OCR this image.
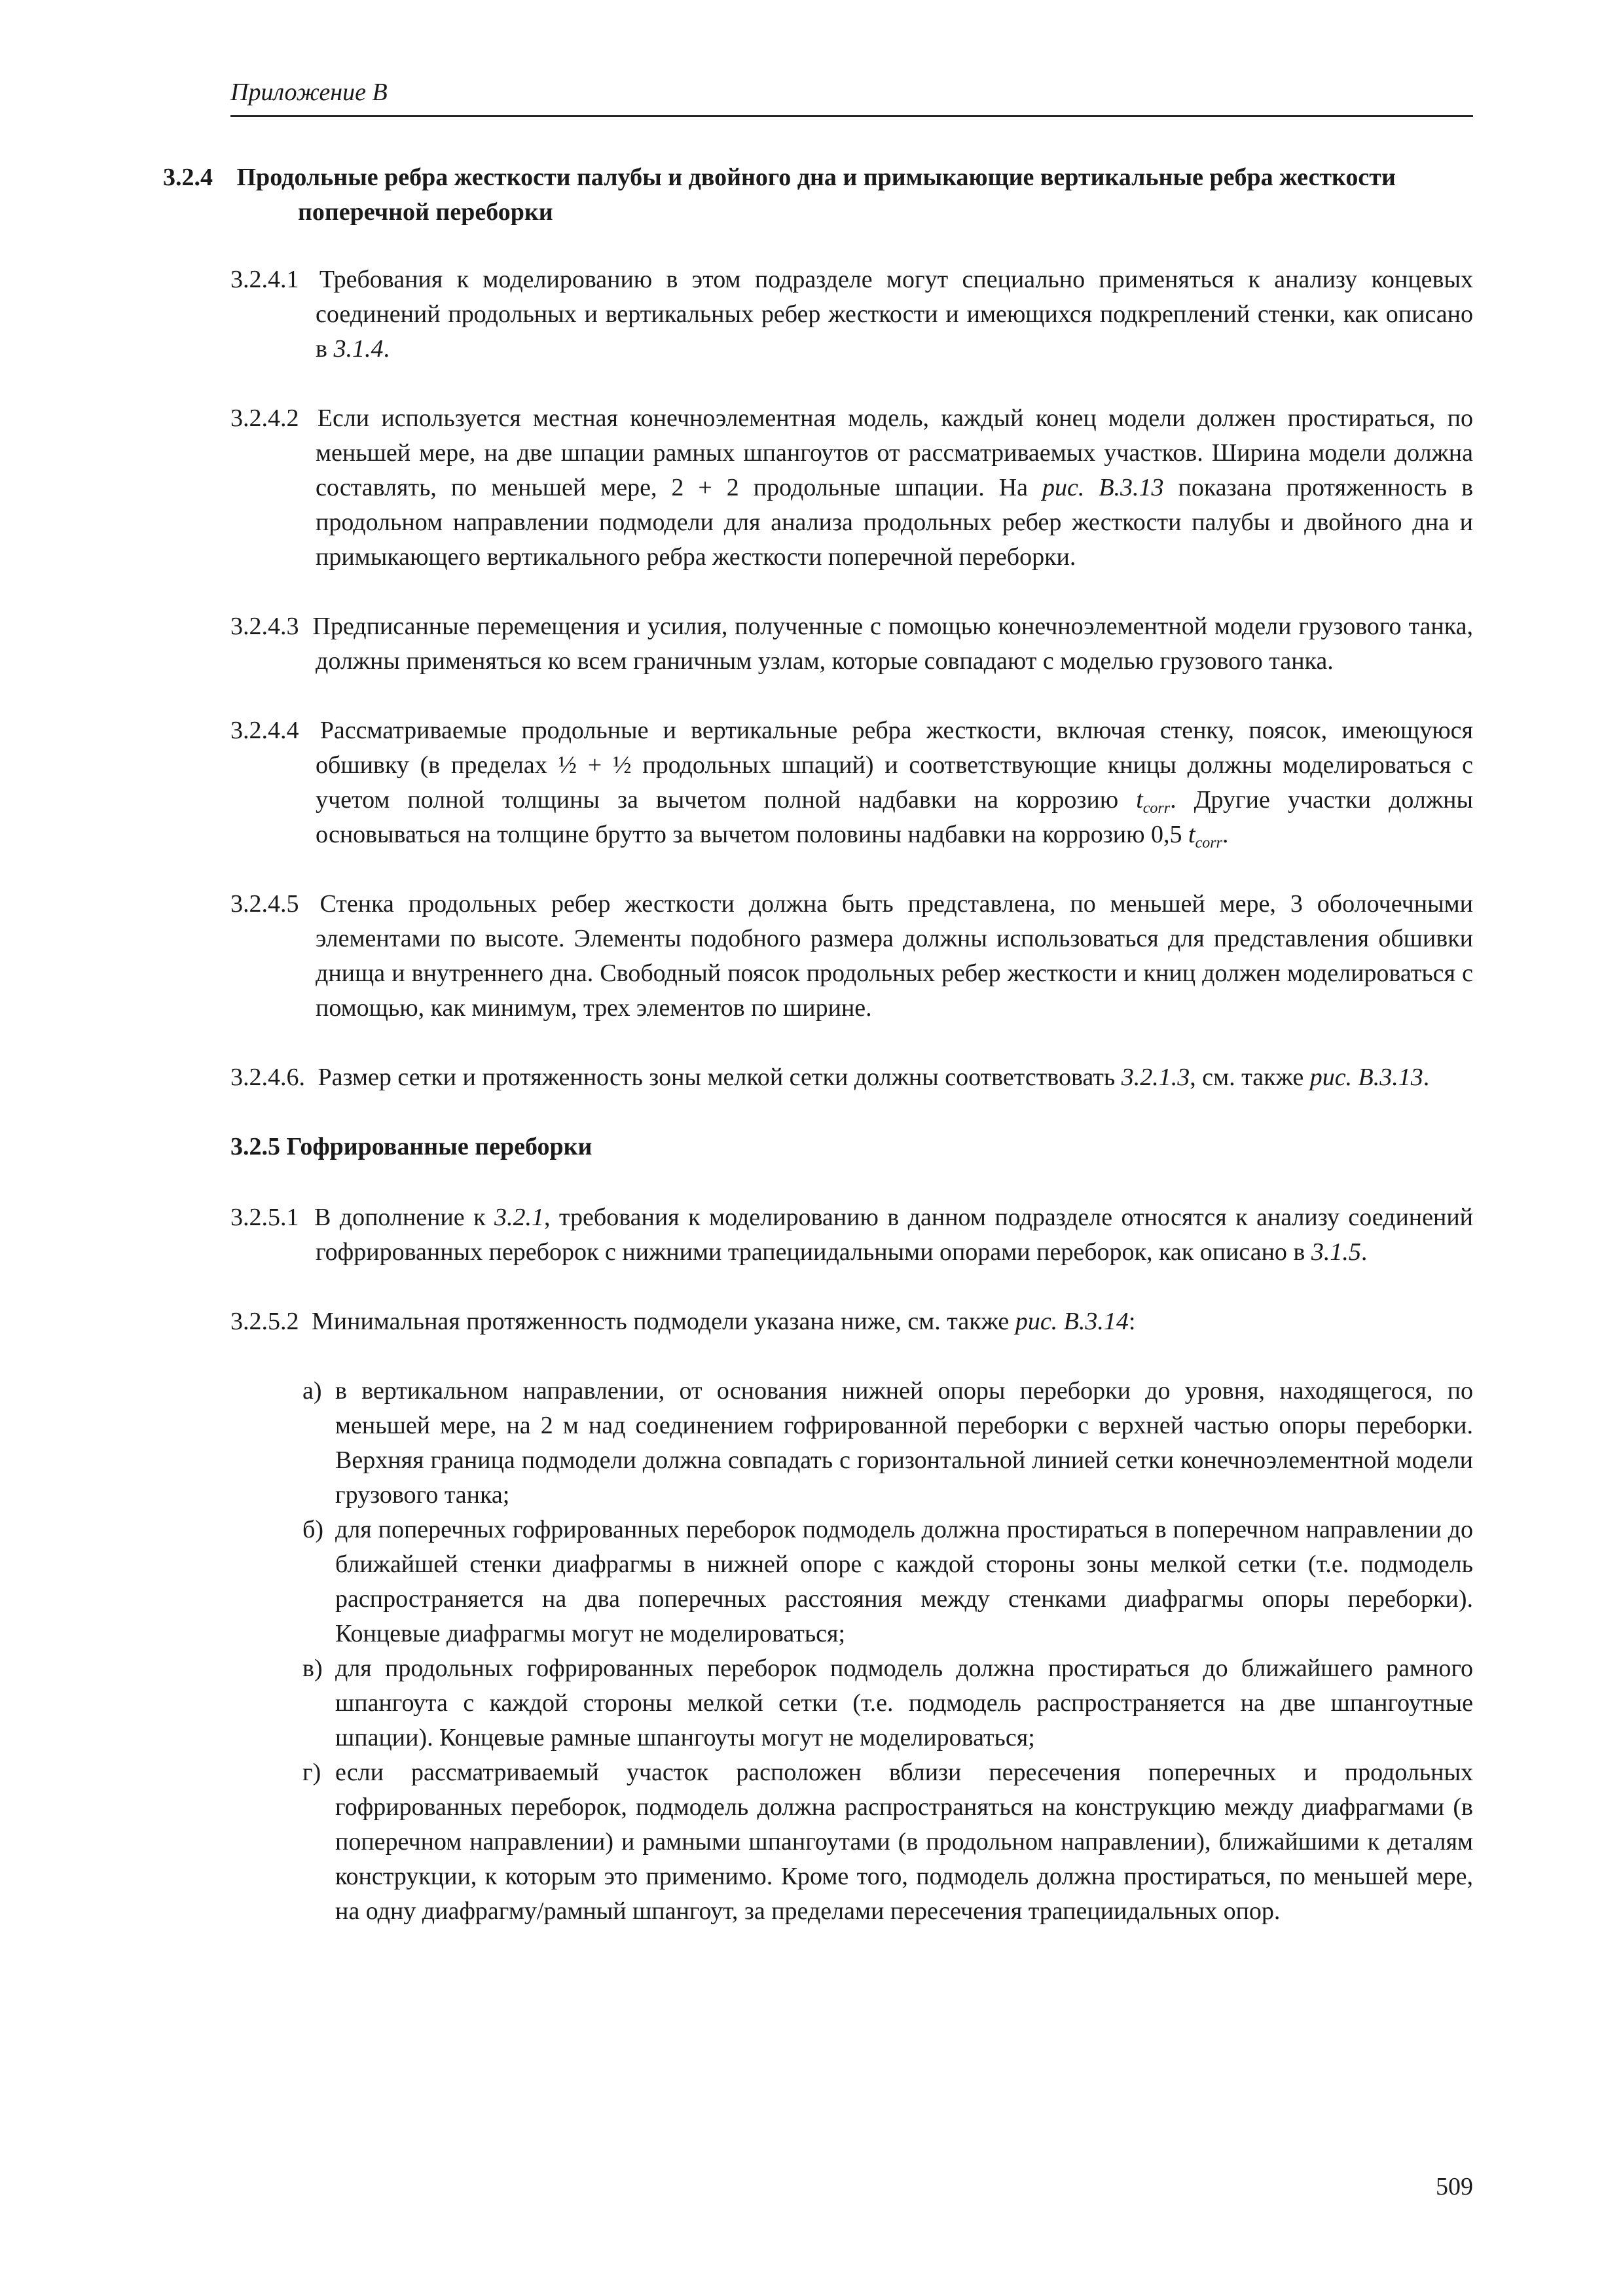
Приложение В
3.2.4 Продольные ребра жесткости палубы и двойного дна и примыкающие вертикальные ребра жесткости поперечной переборки
3.2.4.1 Требования к моделированию в этом подразделе могут специально применяться к анализу концевых соединений продольных и вертикальных ребер жесткости и имеющихся подкреплений стенки, как описано в 3.1.4.
3.2.4.2 Если используется местная конечноэлементная модель, каждый конец модели должен простираться, по меньшей мере, на две шпации рамных шпангоутов от рассматриваемых участков. Ширина модели должна составлять, по меньшей мере, 2 + 2 продольные шпации. На рис. В.3.13 показана протяженность в продольном направлении подмодели для анализа продольных ребер жесткости палубы и двойного дна и примыкающего вертикального ребра жесткости поперечной переборки.
3.2.4.3 Предписанные перемещения и усилия, полученные с помощью конечноэлементной модели грузового танка, должны применяться ко всем граничным узлам, которые совпадают с моделью грузового танка.
3.2.4.4 Рассматриваемые продольные и вертикальные ребра жесткости, включая стенку, поясок, имеющуюся обшивку (в пределах ½ + ½ продольных шпаций) и соответствующие кницы должны моделироваться с учетом полной толщины за вычетом полной надбавки на коррозию $t_{corr}$. Другие участки должны основываться на толщине брутто за вычетом половины надбавки на коррозию 0,5 $t_{corr}$.
3.2.4.5 Стенка продольных ребер жесткости должна быть представлена, по меньшей мере, 3 оболочечными элементами по высоте. Элементы подобного размера должны использоваться для представления обшивки днища и внутреннего дна. Свободный поясок продольных ребер жесткости и книц должен моделироваться с помощью, как минимум, трех элементов по ширине.
3.2.4.6. Размер сетки и протяженность зоны мелкой сетки должны соответствовать 3.2.1.3, см. также рис. В.3.13.
3.2.5 Гофрированные переборки
3.2.5.1 В дополнение к 3.2.1, требования к моделированию в данном подразделе относятся к анализу соединений гофрированных переборок с нижними трапециидальными опорами переборок, как описано в 3.1.5.
3.2.5.2 Минимальная протяженность подмодели указана ниже, см. также рис. В.3.14:
а) в вертикальном направлении, от основания нижней опоры переборки до уровня, находящегося, по меньшей мере, на 2 м над соединением гофрированной переборки с верхней частью опоры переборки. Верхняя граница подмодели должна совпадать с горизонтальной линией сетки конечноэлементной модели грузового танка;
б) для поперечных гофрированных переборок подмодель должна простираться в поперечном направлении до ближайшей стенки диафрагмы в нижней опоре с каждой стороны зоны мелкой сетки (т.е. подмодель распространяется на два поперечных расстояния между стенками диафрагмы опоры переборки). Концевые диафрагмы могут не моделироваться;
в) для продольных гофрированных переборок подмодель должна простираться до ближайшего рамного шпангоута с каждой стороны мелкой сетки (т.е. подмодель распространяется на две шпангоутные шпации). Концевые рамные шпангоуты могут не моделироваться;
г) если рассматриваемый участок расположен вблизи пересечения поперечных и продольных гофрированных переборок, подмодель должна распространяться на конструкцию между диафрагмами (в поперечном направлении) и рамными шпангоутами (в продольном направлении), ближайшими к деталям конструкции, к которым это применимо. Кроме того, подмодель должна простираться, по меньшей мере, на одну диафрагму/рамный шпангоут, за пределами пересечения трапециидальных опор.
509
